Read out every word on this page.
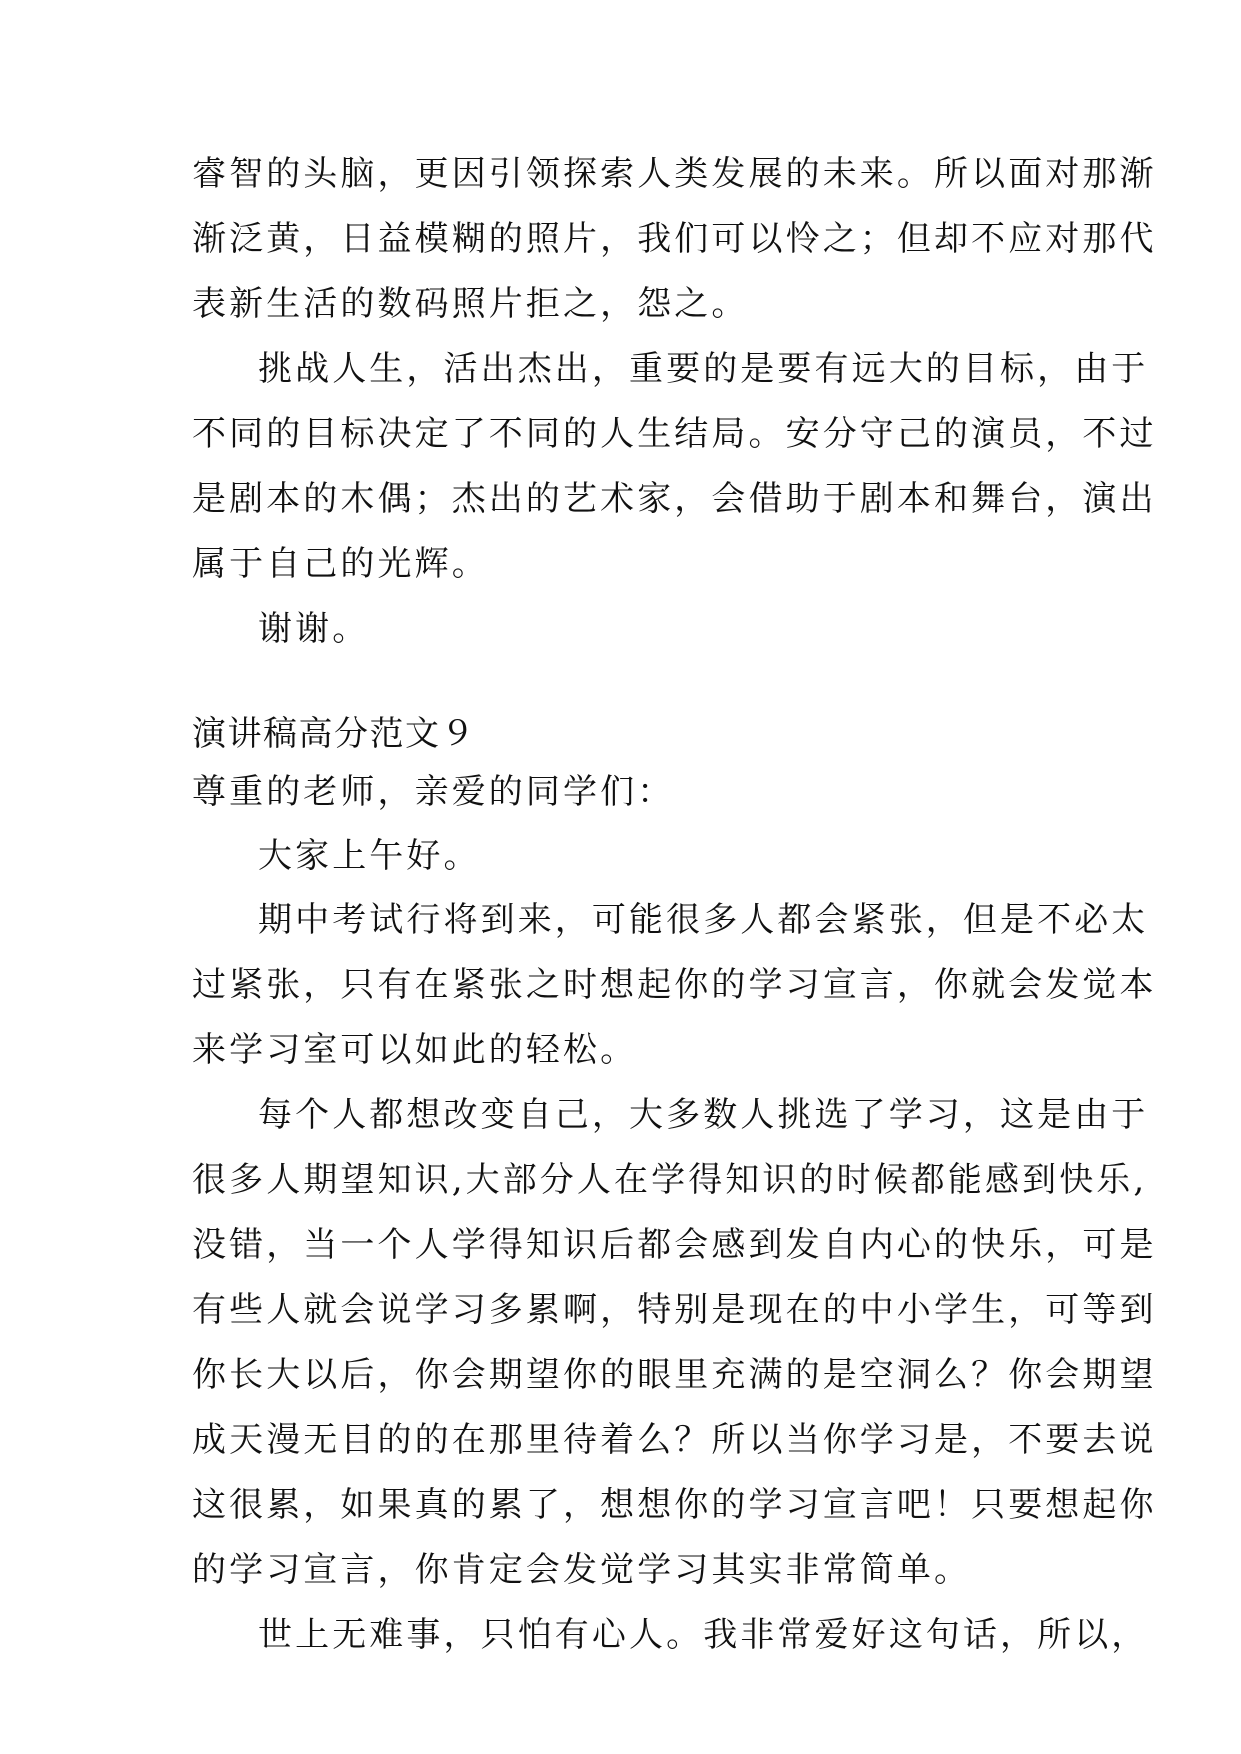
睿智的头脑，更因引领探索人类发展的未来。所以面对那渐
渐泛黄，日益模糊的照片，我们可以怜之；但却不应对那代
表新生活的数码照片拒之，怨之。
挑战人生，活出杰出，重要的是要有远大的目标，由于
不同的目标决定了不同的人生结局。安分守己的演员，不过
是剧本的木偶；杰出的艺术家，会借助于剧本和舞台，演出
属于自己的光辉。
谢谢。
演讲稿高分范文９
尊重的老师，亲爱的同学们：
大家上午好。
期中考试行将到来，可能很多人都会紧张，但是不必太
过紧张，只有在紧张之时想起你的学习宣言，你就会发觉本
来学习室可以如此的轻松。
每个人都想改变自己，大多数人挑选了学习，这是由于
很多人期望知识,大部分人在学得知识的时候都能感到快乐,
没错，当一个人学得知识后都会感到发自内心的快乐，可是
有些人就会说学习多累啊，特别是现在的中小学生，可等到
你长大以后，你会期望你的眼里充满的是空洞么？你会期望
成天漫无目的的在那里待着么？所以当你学习是，不要去说
这很累，如果真的累了，想想你的学习宣言吧！只要想起你
的学习宣言，你肯定会发觉学习其实非常简单。
世上无难事，只怕有心人。我非常爱好这句话，所以，
